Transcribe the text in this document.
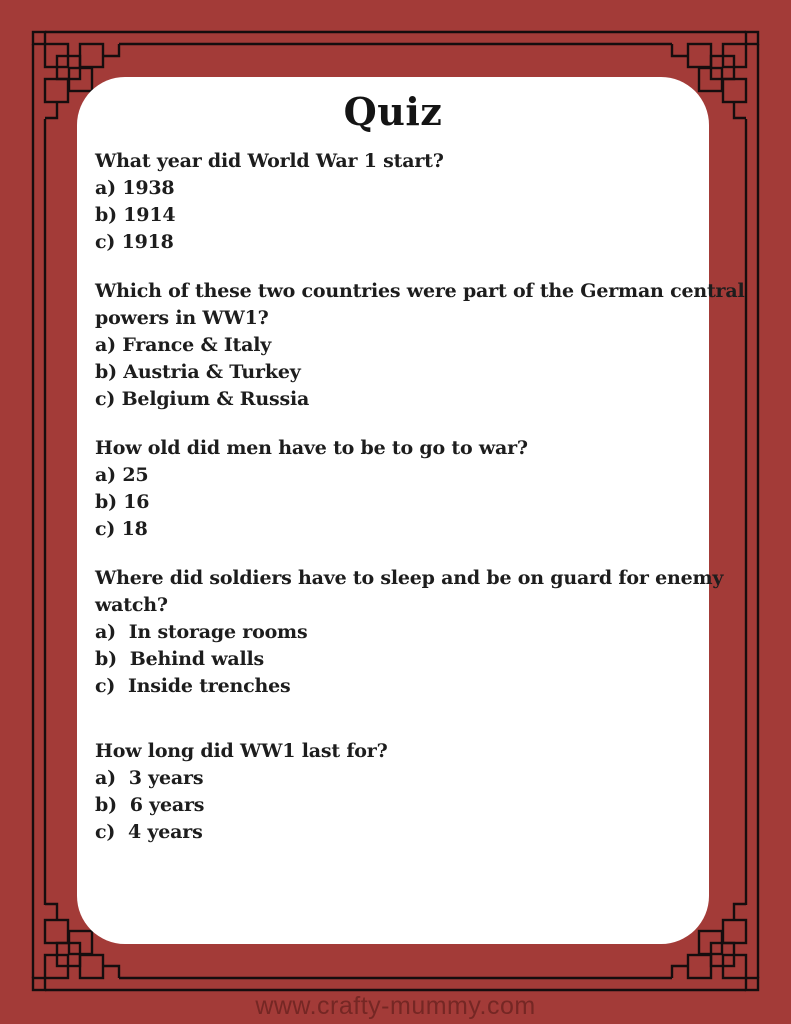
Quiz
What year did World War 1 start?
a) 1938
b) 1914
c) 1918
Which of these two countries were part of the German central
powers in WW1?
a) France & Italy
b) Austria & Turkey
c) Belgium & Russia
How old did men have to be to go to war?
a) 25
b) 16
c) 18
Where did soldiers have to sleep and be on guard for enemy
watch?
a)  In storage rooms
b)  Behind walls
c)  Inside trenches
How long did WW1 last for?
a)  3 years
b)  6 years
c)  4 years
www.crafty-mummy.com
